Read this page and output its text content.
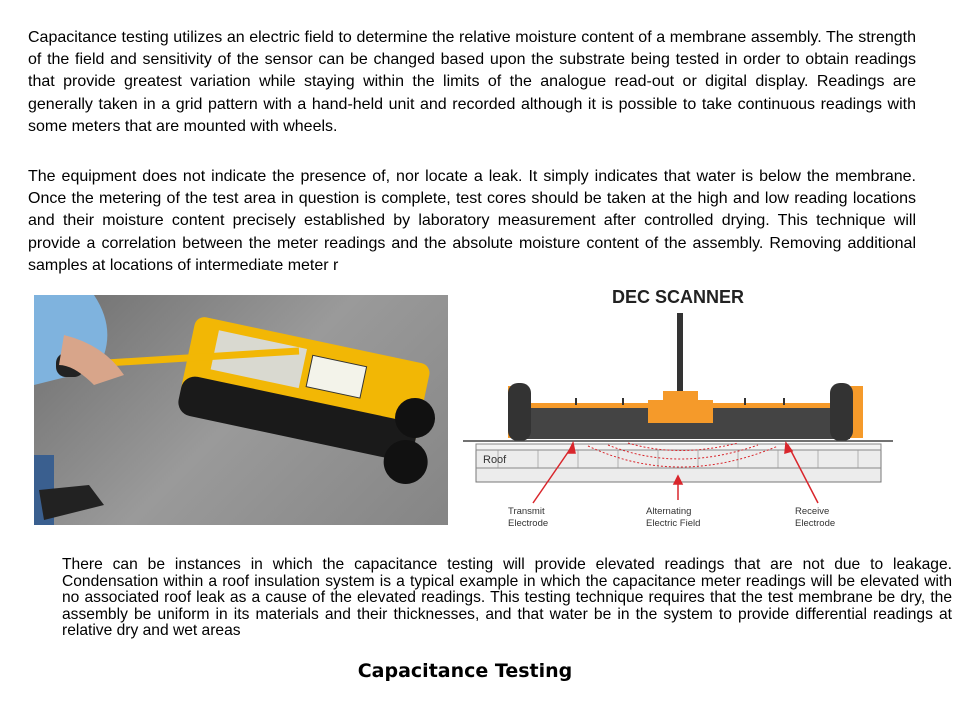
Capacitance testing utilizes an electric field to determine the relative moisture content of a membrane assembly. The strength of the field and sensitivity of the sensor can be changed based upon the substrate being tested in order to obtain readings that provide greatest variation while staying within the limits of the analogue read-out or digital display. Readings are generally taken in a grid pattern with a hand-held unit and recorded although it is possible to take continuous readings with some meters that are mounted with wheels.

The equipment does not indicate the presence of, nor locate a leak. It simply indicates that water is below the membrane. Once the metering of the test area in question is complete, test cores should be taken at the high and low reading locations and their moisture content precisely established by laboratory measurement after controlled drying. This technique will provide a correlation between the meter readings and the absolute moisture content of the assembly. Removing additional samples at locations of intermediate meter r

DEC SCANNER
Roof
Transmit
Electrode
Alternating
Electric Field
Receive
Electrode

There can be instances in which the capacitance testing will provide elevated readings that are not due to leakage. Condensation within a roof insulation system is a typical example in which the capacitance meter readings will be elevated with no associated roof leak as a cause of the elevated readings. This testing technique requires that the test membrane be dry, the assembly be uniform in its materials and their thicknesses, and that water be in the system to provide differential readings at relative dry and wet areas

Capacitance Testing
